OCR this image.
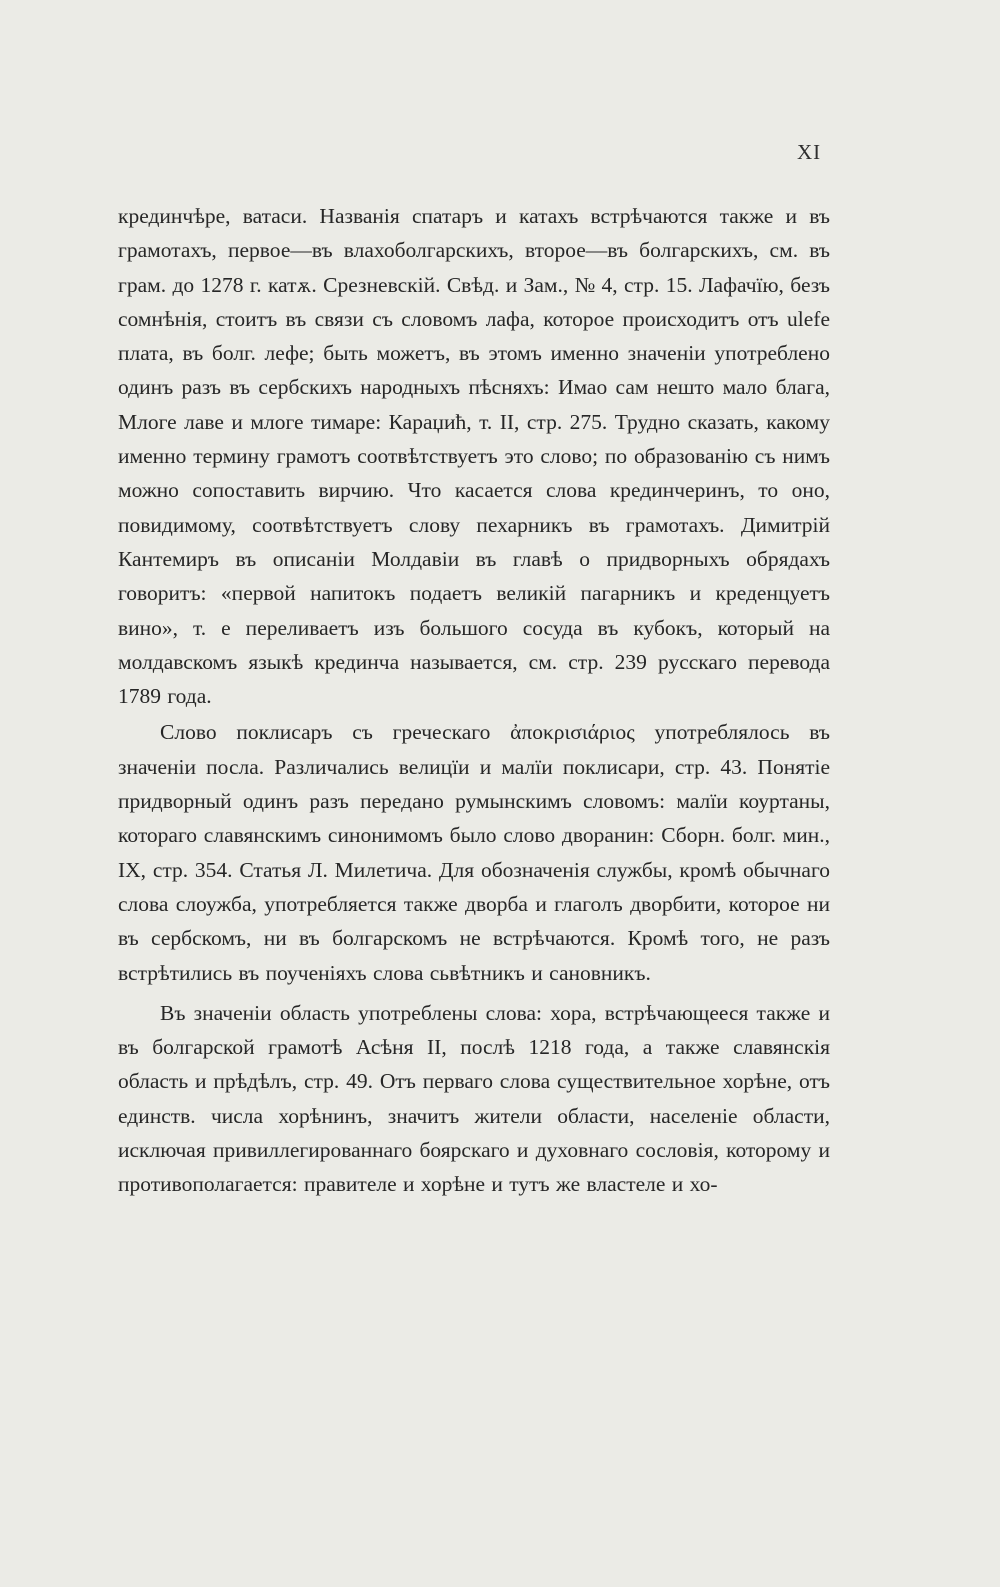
XI

крединчѣре, ватаси. Названія спатаръ и катахъ встрѣчаются также и въ грамотахъ, первое—въ влахоболгарскихъ, второе—въ болгарскихъ, см. въ грам. до 1278 г. катѫ. Срезневскій. Свѣд. и Зам., № 4, стр. 15. Лафачїю, безъ сомнѣнія, стоитъ въ связи съ словомъ лафа, которое происходитъ отъ ulefe плата, въ болг. лефе; быть можетъ, въ этомъ именно значеніи употреблено одинъ разъ въ сербскихъ народныхъ пѣсняхъ: Имао сам нешто мало блага, Млоге лаве и млоге тимаре: Караџић, т. II, стр. 275. Трудно сказать, какому именно термину грамотъ соотвѣтствуетъ это слово; по образованію съ нимъ можно сопоставить вирчию. Что касается слова крединчеринъ, то оно, повидимому, соотвѣтствуетъ слову пехарникъ въ грамотахъ. Димитрій Кантемиръ въ описаніи Молдавіи въ главѣ о придворныхъ обрядахъ говоритъ: «первой напитокъ подаетъ великій пагарникъ и креденцуетъ вино», т. е переливаетъ изъ большого сосуда въ кубокъ, который на молдавскомъ языкѣ крединча называется, см. стр. 239 русскаго перевода 1789 года.

Слово поклисаръ съ греческаго ἀποκρισιάριος употреблялось въ значеніи посла. Различались велицїи и малїи поклисари, стр. 43. Понятіе придворный одинъ разъ передано румынскимъ словомъ: малїи коуртаны, котораго славянскимъ синонимомъ было слово дворанин: Сборн. болг. мин., IX, стр. 354. Статья Л. Милетича. Для обозначенія службы, кромѣ обычнаго слова слоужба, употребляется также дворба и глаголъ дворбити, которое ни въ сербскомъ, ни въ болгарскомъ не встрѣчаются. Кромѣ того, не разъ встрѣтились въ поученіяхъ слова сьвѣтникъ и сановникъ.

Въ значеніи область употреблены слова: хора, встрѣчающееся также и въ болгарской грамотѣ Асѣня II, послѣ 1218 года, а также славянскія область и прѣдѣлъ, стр. 49. Отъ перваго слова существительное хорѣне, отъ единств. числа хорѣнинъ, значитъ жители области, населеніе области, исключая привиллегированнаго боярскаго и духовнаго сословія, которому и противополагается: правителе и хорѣне и тутъ же властеле и хо-
